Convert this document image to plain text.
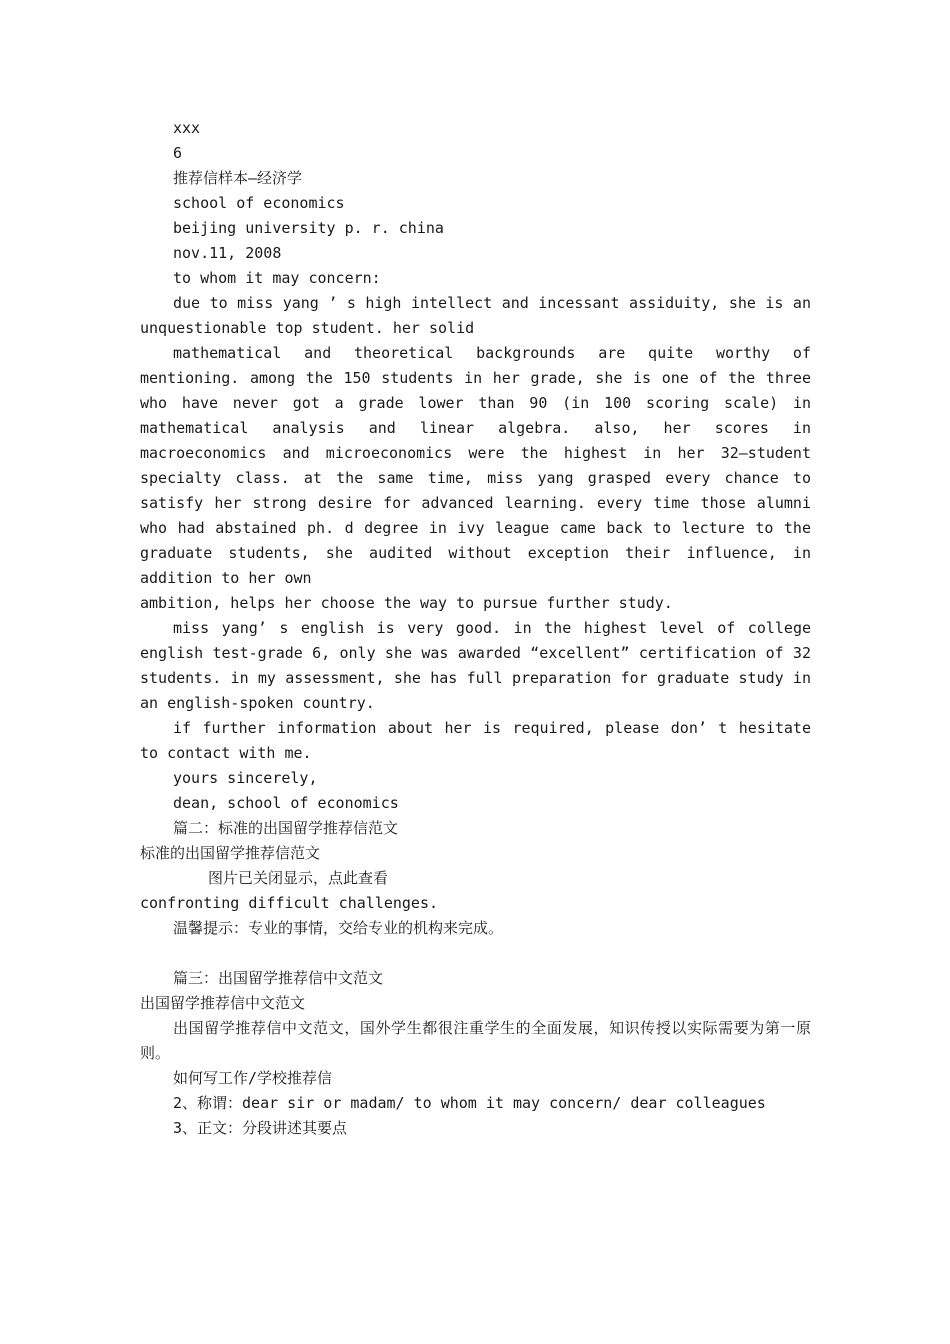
xxx

6

推荐信样本—经济学

school of economics

beijing university p. r. china

nov.11, 2008

to whom it may concern:

due to miss yang ’ s high intellect and incessant assiduity, she is an unquestionable top student. her solid

mathematical and theoretical backgrounds are quite worthy of mentioning. among the 150 students in her grade, she is one of the three who have never got a grade lower than 90 (in 100 scoring scale) in mathematical analysis and linear algebra. also, her scores in macroeconomics and microeconomics were the highest in her 32—student specialty class. at the same time, miss yang grasped every chance to satisfy her strong desire for advanced learning. every time those alumni who had abstained ph. d degree in ivy league came back to lecture to the graduate students, she audited without exception their influence, in addition to her own

ambition, helps her choose the way to pursue further study.

miss yang’ s english is very good. in the highest level of college english test-grade 6, only she was awarded “excellent” certification of 32 students. in my assessment, she has full preparation for graduate study in an english-spoken country.

if further information about her is required, please don’ t hesitate to contact with me.

yours sincerely,

dean, school of economics

篇二：标准的出国留学推荐信范文

标准的出国留学推荐信范文

图片已关闭显示，点此查看

confronting difficult challenges.

温馨提示：专业的事情，交给专业的机构来完成。

篇三：出国留学推荐信中文范文

出国留学推荐信中文范文

出国留学推荐信中文范文，国外学生都很注重学生的全面发展，知识传授以实际需要为第一原则。

如何写工作/学校推荐信

2、称谓：dear sir or madam/ to whom it may concern/ dear colleagues

3、正文：分段讲述其要点
